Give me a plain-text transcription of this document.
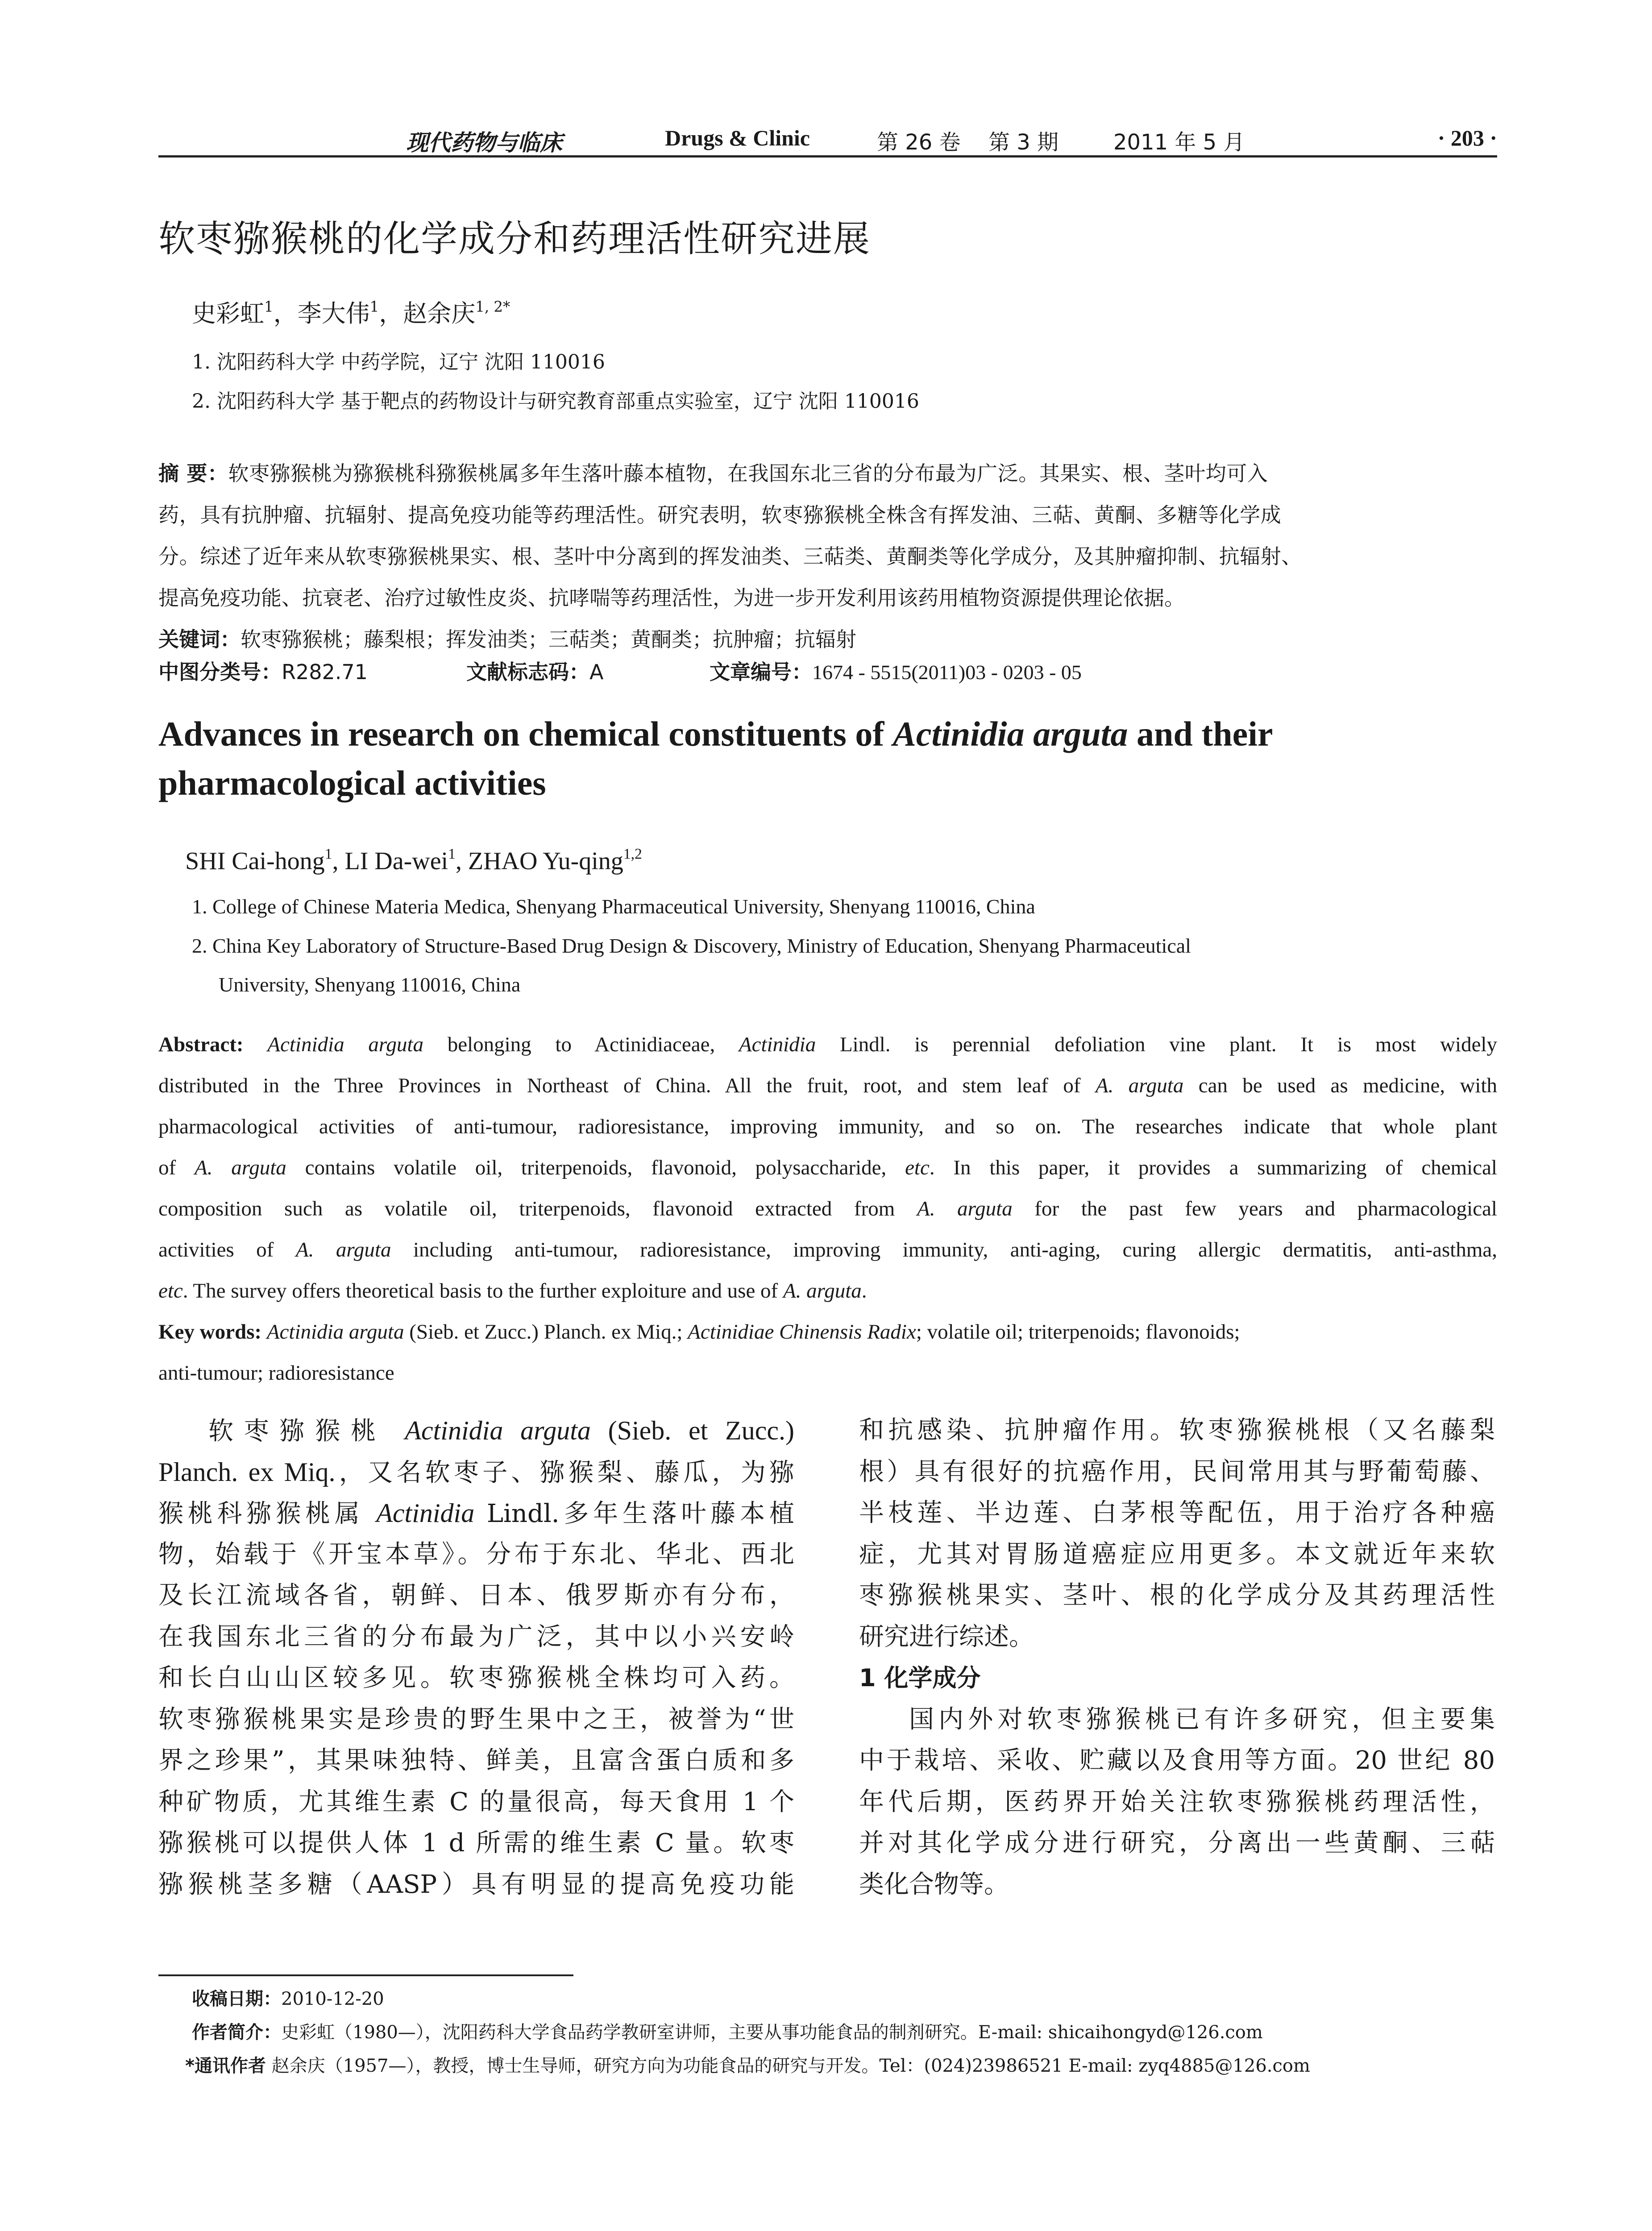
现代药物与临床	Drugs & Clinic	第 26 卷 第 3 期	2011 年 5 月	· 203 ·
软枣猕猴桃的化学成分和药理活性研究进展
史彩虹$^1$，李大伟$^1$，赵余庆$^{1, 2*}$
1. 沈阳药科大学 中药学院，辽宁 沈阳 110016
2. 沈阳药科大学 基于靶点的药物设计与研究教育部重点实验室，辽宁 沈阳 110016
摘 要：软枣猕猴桃为猕猴桃科猕猴桃属多年生落叶藤本植物，在我国东北三省的分布最为广泛。其果实、根、茎叶均可入
药，具有抗肿瘤、抗辐射、提高免疫功能等药理活性。研究表明，软枣猕猴桃全株含有挥发油、三萜、黄酮、多糖等化学成
分。综述了近年来从软枣猕猴桃果实、根、茎叶中分离到的挥发油类、三萜类、黄酮类等化学成分，及其肿瘤抑制、抗辐射、
提高免疫功能、抗衰老、治疗过敏性皮炎、抗哮喘等药理活性，为进一步开发利用该药用植物资源提供理论依据。
关键词：软枣猕猴桃；藤梨根；挥发油类；三萜类；黄酮类；抗肿瘤；抗辐射
中图分类号：R282.71	文献标志码：A	文章编号：1674 - 5515(2011)03 - 0203 - 05
Advances in research on chemical constituents of Actinidia arguta and their
pharmacological activities
SHI Cai-hong$^1$, LI Da-wei$^1$, ZHAO Yu-qing$^{1,2}$
1. College of Chinese Materia Medica, Shenyang Pharmaceutical University, Shenyang 110016, China
2. China Key Laboratory of Structure-Based Drug Design & Discovery, Ministry of Education, Shenyang Pharmaceutical
University, Shenyang 110016, China
Abstract: Actinidia arguta belonging to Actinidiaceae, Actinidia Lindl. is perennial defoliation vine plant. It is most widely
distributed in the Three Provinces in Northeast of China. All the fruit, root, and stem leaf of A. arguta can be used as medicine, with
pharmacological activities of anti-tumour, radioresistance, improving immunity, and so on. The researches indicate that whole plant
of A. arguta contains volatile oil, triterpenoids, flavonoid, polysaccharide, etc. In this paper, it provides a summarizing of chemical
composition such as volatile oil, triterpenoids, flavonoid extracted from A. arguta for the past few years and pharmacological
activities of A. arguta including anti-tumour, radioresistance, improving immunity, anti-aging, curing allergic dermatitis, anti-asthma,
etc. The survey offers theoretical basis to the further exploiture and use of A. arguta.
Key words: Actinidia arguta (Sieb. et Zucc.) Planch. ex Miq.; Actinidiae Chinensis Radix; volatile oil; triterpenoids; flavonoids;
anti-tumour; radioresistance
软枣猕猴桃 Actinidia arguta (Sieb. et Zucc.)
Planch. ex Miq.，又名软枣子、猕猴梨、藤瓜，为猕
猴桃科猕猴桃属 Actinidia Lindl.多年生落叶藤本植
物，始载于《开宝本草》。分布于东北、华北、西北
及长江流域各省，朝鲜、日本、俄罗斯亦有分布，
在我国东北三省的分布最为广泛，其中以小兴安岭
和长白山山区较多见。软枣猕猴桃全株均可入药。
软枣猕猴桃果实是珍贵的野生果中之王，被誉为“世
界之珍果”，其果味独特、鲜美，且富含蛋白质和多
种矿物质，尤其维生素 C 的量很高，每天食用 1 个
猕猴桃可以提供人体 1 d 所需的维生素 C 量。软枣
猕猴桃茎多糖（AASP）具有明显的提高免疫功能
和抗感染、抗肿瘤作用。软枣猕猴桃根（又名藤梨
根）具有很好的抗癌作用，民间常用其与野葡萄藤、
半枝莲、半边莲、白茅根等配伍，用于治疗各种癌
症，尤其对胃肠道癌症应用更多。本文就近年来软
枣猕猴桃果实、茎叶、根的化学成分及其药理活性
研究进行综述。
1 化学成分
国内外对软枣猕猴桃已有许多研究，但主要集
中于栽培、采收、贮藏以及食用等方面。20 世纪 80
年代后期，医药界开始关注软枣猕猴桃药理活性，
并对其化学成分进行研究，分离出一些黄酮、三萜
类化合物等。
收稿日期：2010-12-20
作者简介：史彩虹（1980—），沈阳药科大学食品药学教研室讲师，主要从事功能食品的制剂研究。E-mail: shicaihongyd@126.com
*通讯作者 赵余庆（1957—），教授，博士生导师，研究方向为功能食品的研究与开发。Tel：(024)23986521 E-mail: zyq4885@126.com
